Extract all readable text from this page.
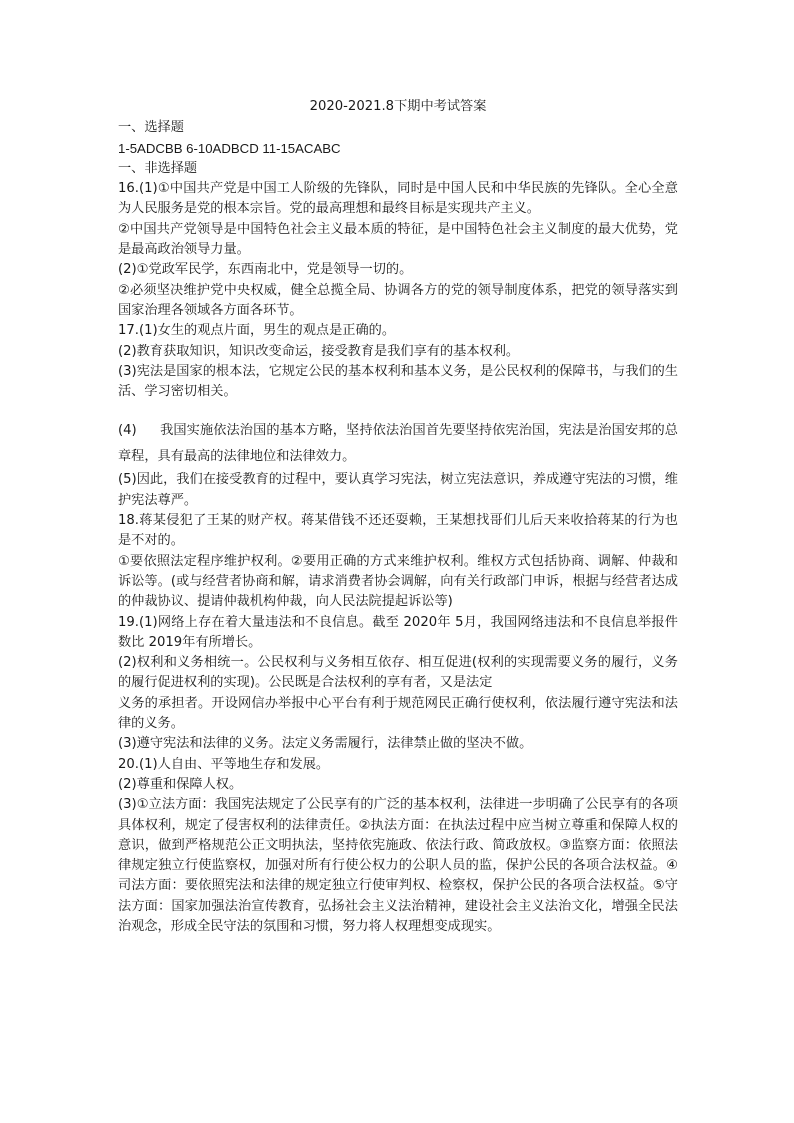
2020-2021.8下期中考试答案
一、选择题
1-5ADCBB 6-10ADBCD 11-15ACABC
一、非选择题
16.(1)①中国共产党是中国工人阶级的先锋队，同时是中国人民和中华民族的先锋队。全心全意为人民服务是党的根本宗旨。党的最高理想和最终目标是实现共产主义。
②中国共产党领导是中国特色社会主义最本质的特征，是中国特色社会主义制度的最大优势，党是最高政治领导力量。
(2)①党政军民学，东西南北中，党是领导一切的。
②必须坚决维护党中央权威，健全总揽全局、协调各方的党的领导制度体系，把党的领导落实到国家治理各领域各方面各环节。
17.(1)女生的观点片面，男生的观点是正确的。
(2)教育获取知识，知识改变命运，接受教育是我们享有的基本权利。
(3)宪法是国家的根本法，它规定公民的基本权利和基本义务，是公民权利的保障书，与我们的生活、学习密切相关。
(4) 我国实施依法治国的基本方略，坚持依法治国首先要坚持依宪治国，宪法是治国安邦的总章程，具有最高的法律地位和法律效力。
(5)因此，我们在接受教育的过程中，要认真学习宪法，树立宪法意识，养成遵守宪法的习惯，维护宪法尊严。
18.蒋某侵犯了王某的财产权。蒋某借钱不还还耍赖，王某想找哥们儿后天来收拾蒋某的行为也是不对的。
①要依照法定程序维护权利。②要用正确的方式来维护权利。维权方式包括协商、调解、仲裁和诉讼等。(或与经营者协商和解，请求消费者协会调解，向有关行政部门申诉，根据与经营者达成的仲裁协议、提请仲裁机构仲裁，向人民法院提起诉讼等)
19.(1)网络上存在着大量违法和不良信息。截至 2020年 5月，我国网络违法和不良信息举报件数比 2019年有所增长。
(2)权利和义务相统一。公民权利与义务相互依存、相互促进(权利的实现需要义务的履行，义务的履行促进权利的实现)。公民既是合法权利的享有者，又是法定
义务的承担者。开设网信办举报中心平台有利于规范网民正确行使权利，依法履行遵守宪法和法律的义务。
(3)遵守宪法和法律的义务。法定义务需履行，法律禁止做的坚决不做。
20.(1)人自由、平等地生存和发展。
(2)尊重和保障人权。
(3)①立法方面：我国宪法规定了公民享有的广泛的基本权利，法律进一步明确了公民享有的各项具体权利，规定了侵害权利的法律责任。②执法方面：在执法过程中应当树立尊重和保障人权的意识，做到严格规范公正文明执法，坚持依宪施政、依法行政、简政放权。③监察方面：依照法律规定独立行使监察权，加强对所有行使公权力的公职人员的监，保护公民的各项合法权益。④司法方面：要依照宪法和法律的规定独立行使审判权、检察权，保护公民的各项合法权益。⑤守法方面：国家加强法治宣传教育，弘扬社会主义法治精神，建设社会主义法治文化，增强全民法治观念，形成全民守法的氛围和习惯，努力将人权理想变成现实。
